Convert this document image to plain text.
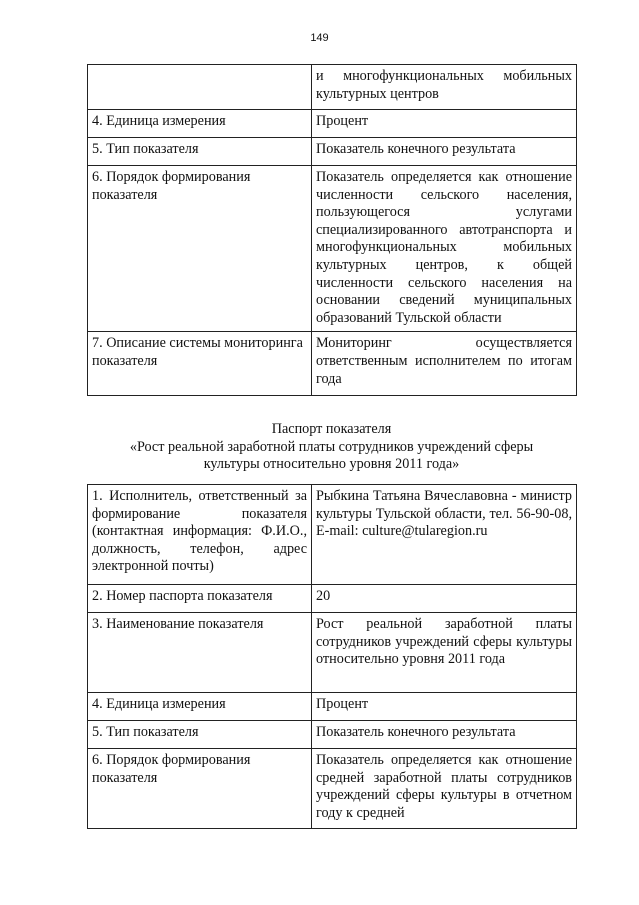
149
	и многофункциональных мобильных культурных центров
4. Единица измерения	Процент
5. Тип показателя	Показатель конечного результата
6. Порядок формирования показателя	Показатель определяется как отношение численности сельского населения, пользующегося услугами специализированного автотранспорта и многофункциональных мобильных культурных центров, к общей численности сельского населения на основании сведений муниципальных образований Тульской области
7. Описание системы мониторинга показателя	Мониторинг осуществляется ответственным исполнителем по итогам года
Паспорт показателя
«Рост реальной заработной платы сотрудников учреждений сферы
культуры относительно уровня 2011 года»
1. Исполнитель, ответственный за формирование показателя (контактная информация: Ф.И.О., должность, телефон, адрес электронной почты)	Рыбкина Татьяна Вячеславовна - министр культуры Тульской области, тел. 56-90-08, E-mail: culture@tularegion.ru
2. Номер паспорта показателя	20
3. Наименование показателя	Рост реальной заработной платы сотрудников учреждений сферы культуры относительно уровня 2011 года
4. Единица измерения	Процент
5. Тип показателя	Показатель конечного результата
6. Порядок формирования показателя	Показатель определяется как отношение средней заработной платы сотрудников учреждений сферы культуры в отчетном году к средней
